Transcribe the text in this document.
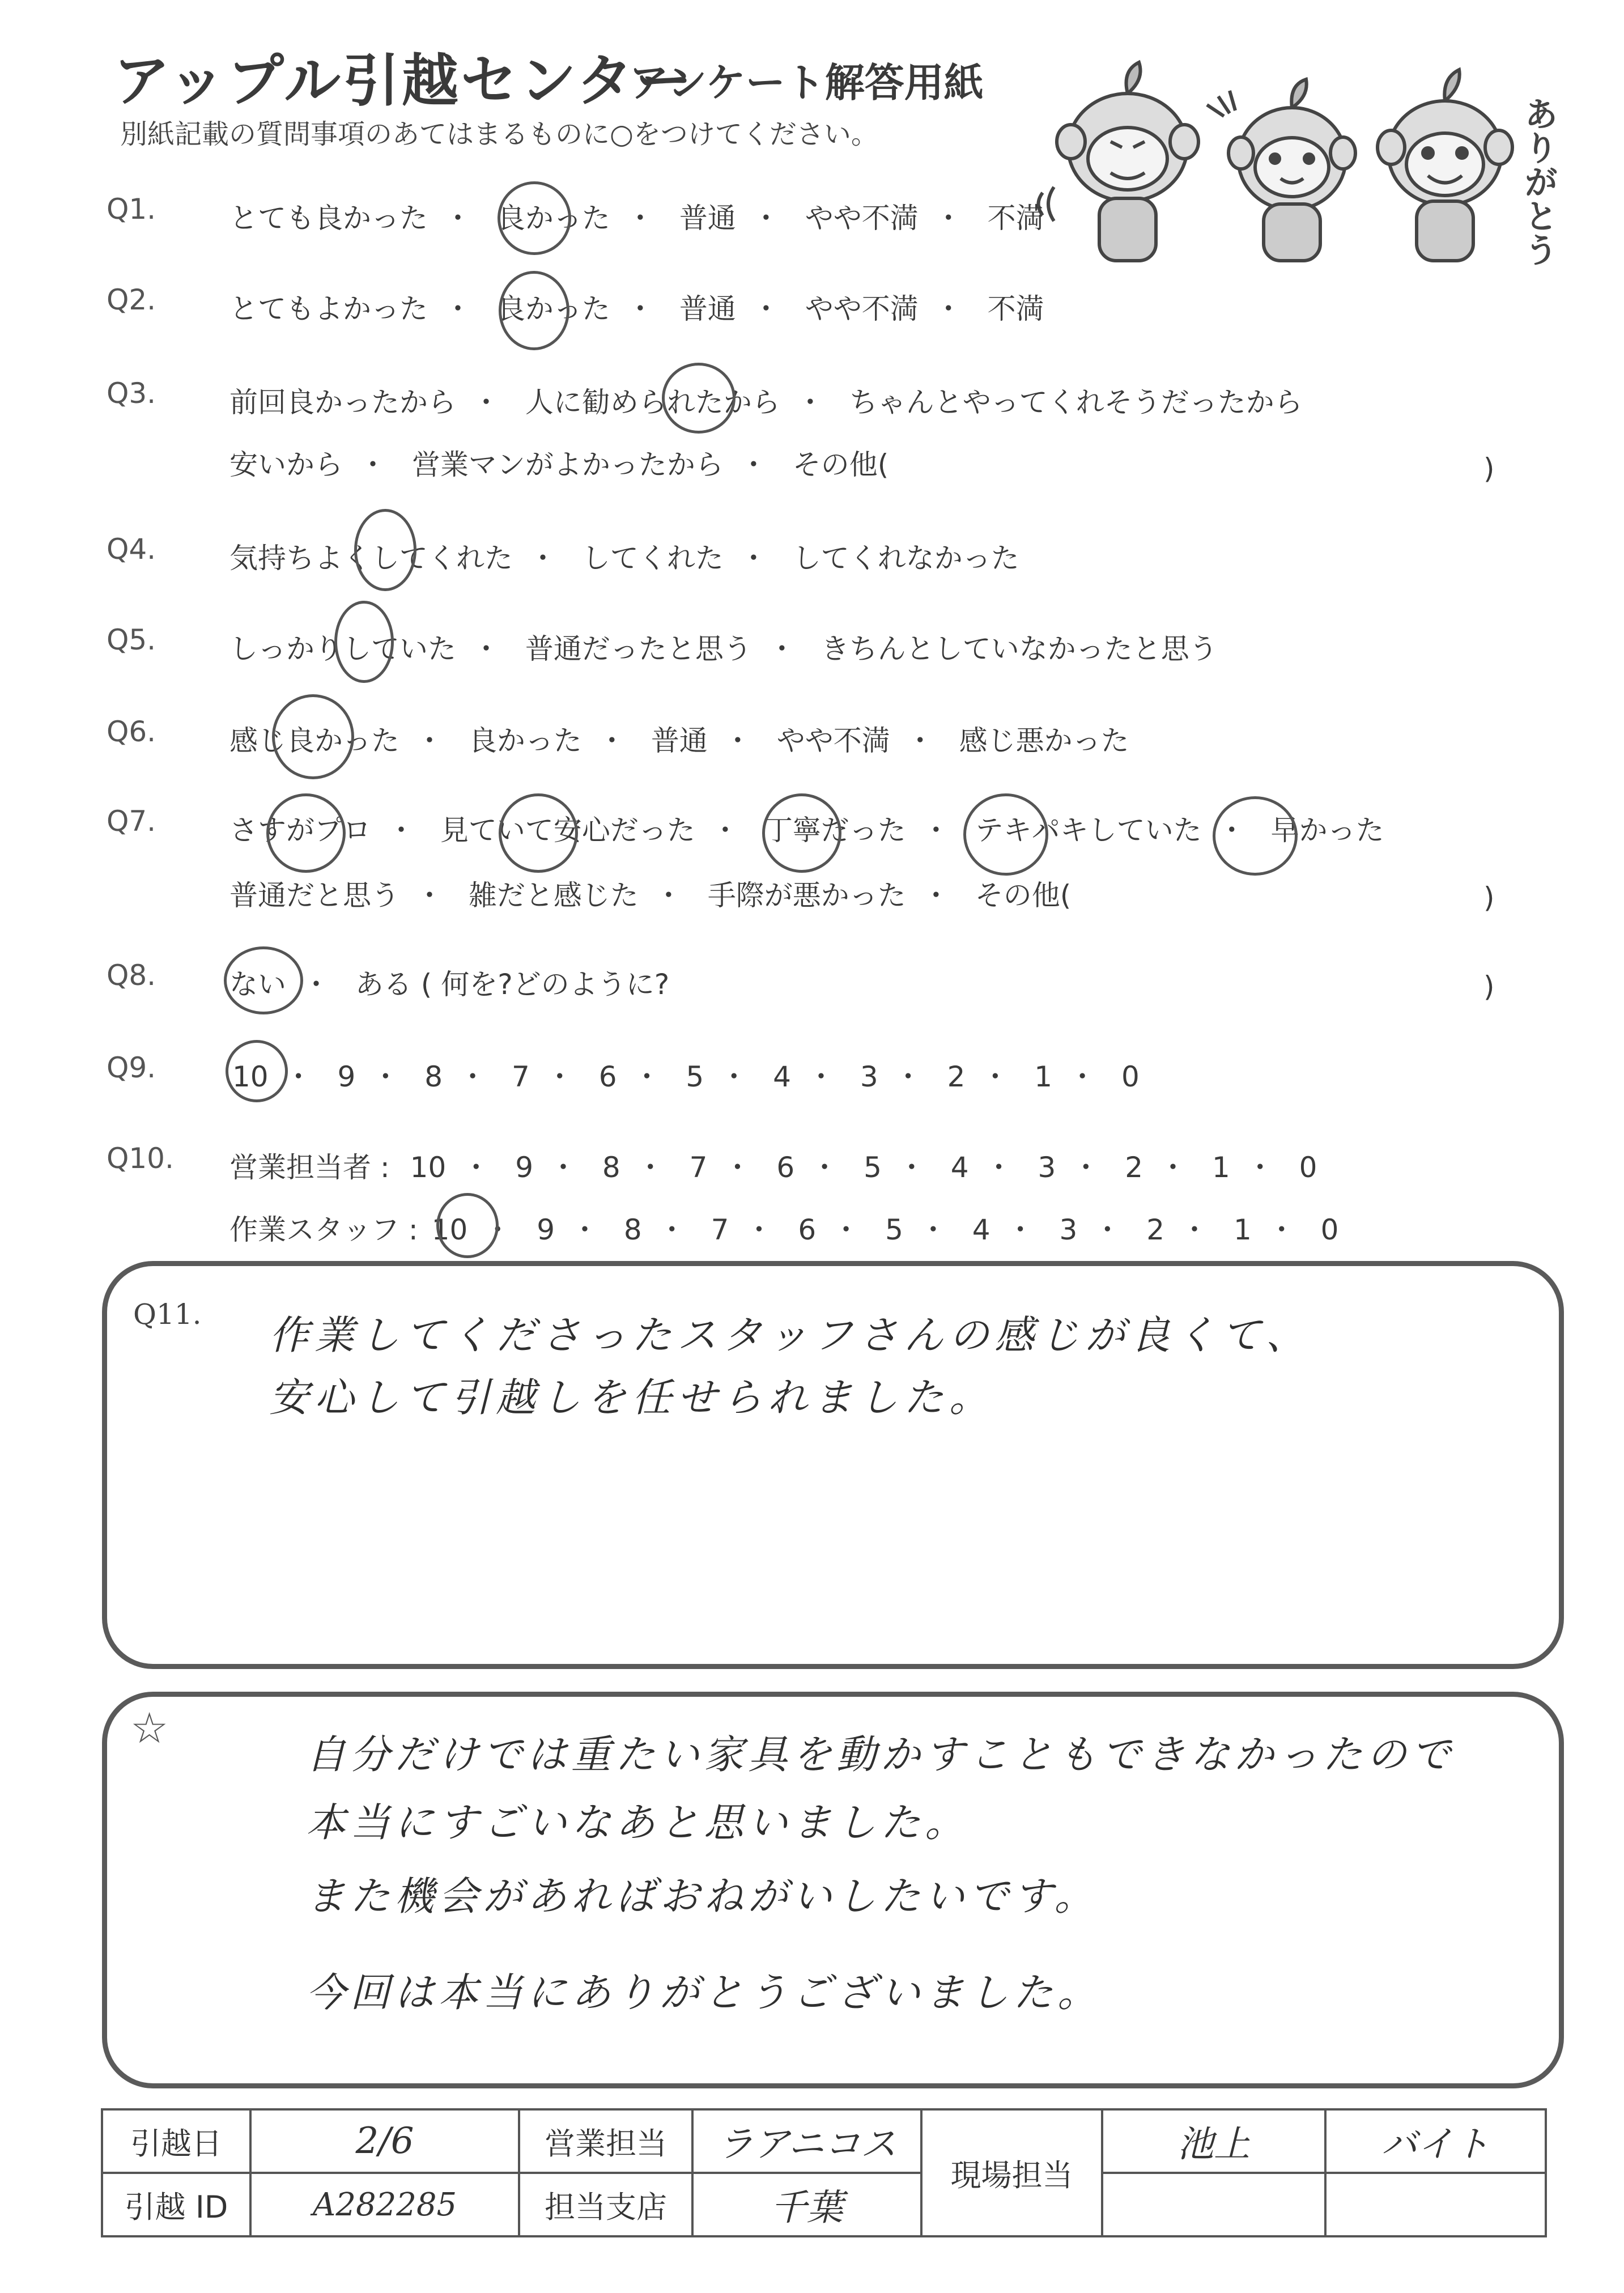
アップル引越センター
アンケート解答用紙
別紙記載の質問事項のあてはまるものに○をつけてください。	ありがとう
Q1.	とても良かった ・ 良かった ・ 普通 ・ やや不満 ・ 不満
Q2.	とてもよかった ・ 良かった ・ 普通 ・ やや不満 ・ 不満
Q3.	前回良かったから ・ 人に勧められたから ・ ちゃんとやってくれそうだったから
安いから ・ 営業マンがよかったから ・ その他(	)
Q4.	気持ちよくしてくれた ・ してくれた ・ してくれなかった
Q5.	しっかりしていた ・ 普通だったと思う ・ きちんとしていなかったと思う
Q6.	感じ良かった ・ 良かった ・ 普通 ・ やや不満 ・ 感じ悪かった
Q7.	さすがプロ ・ 見ていて安心だった ・ 丁寧だった ・ テキパキしていた ・ 早かった
普通だと思う ・ 雑だと感じた ・ 手際が悪かった ・ その他(	)
Q8.	ない ・ ある ( 何を?どのように?	)
Q9.	10 ・ 9 ・ 8 ・ 7 ・ 6 ・ 5 ・ 4 ・ 3 ・ 2 ・ 1 ・ 0
Q10. 営業担当者 : 10 ・ 9 ・ 8 ・ 7 ・ 6 ・ 5 ・ 4 ・ 3 ・ 2 ・ 1 ・ 0
作業スタッフ : 10 ・ 9 ・ 8 ・ 7 ・ 6 ・ 5 ・ 4 ・ 3 ・ 2 ・ 1 ・ 0
Q11. 作業してくださったスタッフさんの感じが良くて、
安心して引越しを任せられました。
☆
自分だけでは重たい家具を動かすこともできなかったので
本当にすごいなあと思いました。
また機会があればおねがいしたいです。
今回は本当にありがとうございました。
引越日	2/6	営業担当	ラアニコス	現場担当	池上	バイト
引越 ID	A282285	担当支店	千葉			
